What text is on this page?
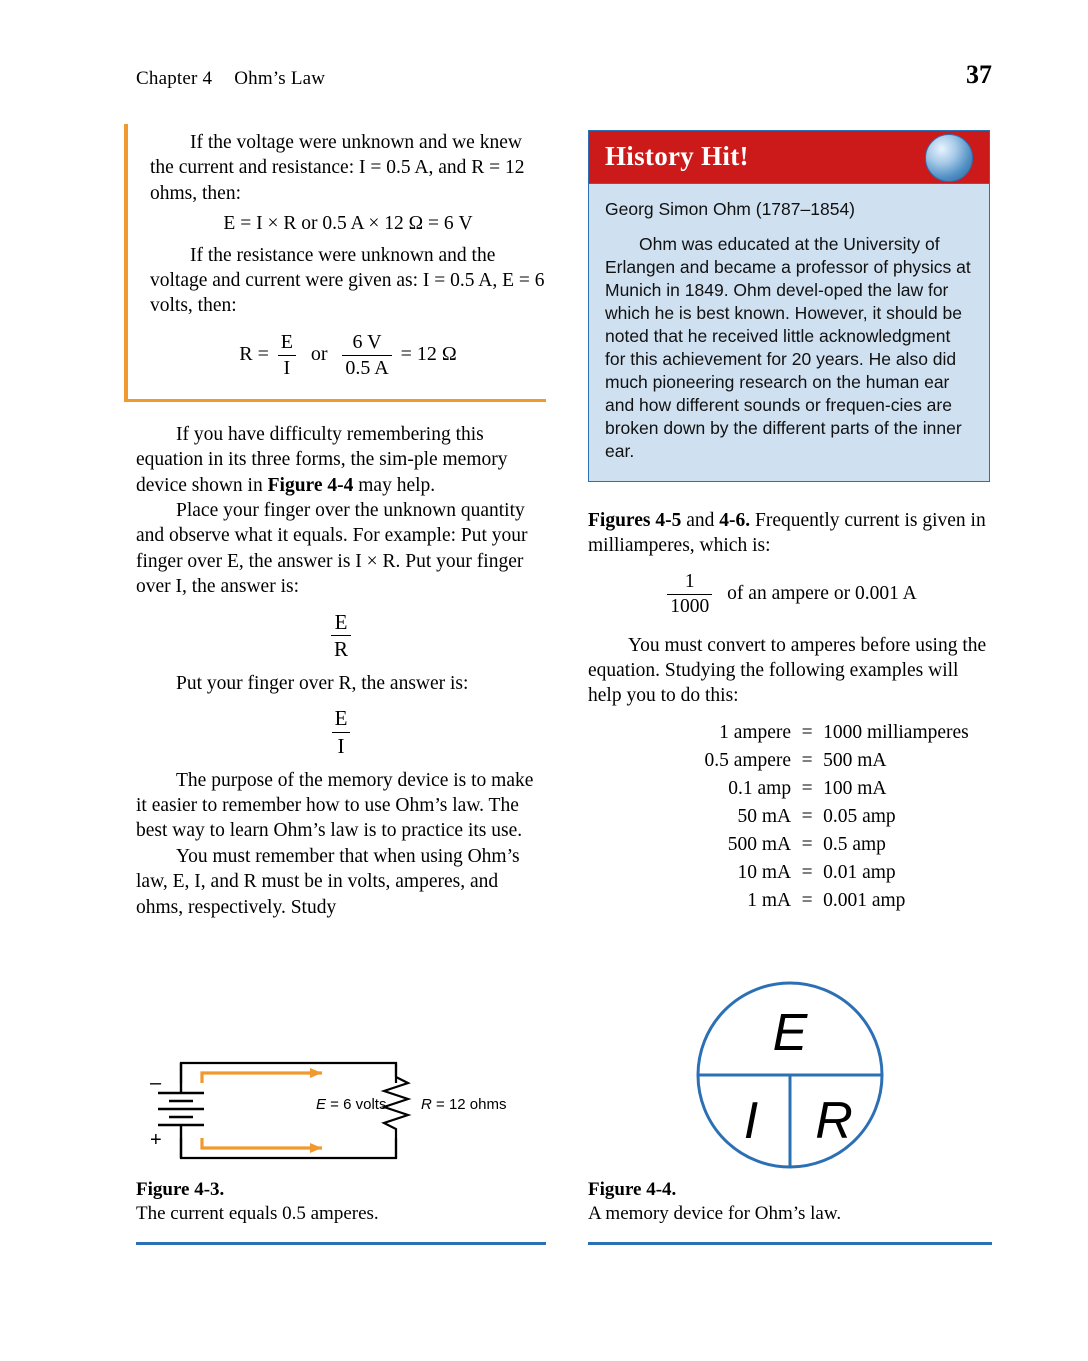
Chapter 4 Ohm’s Law	37

If the voltage were unknown and we knew the current and resistance: I = 0.5 A, and R = 12 ohms, then:

E = I × R or 0.5 A × 12 Ω = 6 V

If the resistance were unknown and the voltage and current were given as: I = 0.5 A, E = 6 volts, then:

$R = \frac{E}{I}$ or $\frac{6 V}{0.5 A} = 12$ Ω

If you have difficulty remembering this equation in its three forms, the sim-ple memory device shown in Figure 4-4 may help.

Place your finger over the unknown quantity and observe what it equals. For example: Put your finger over E, the answer is I × R. Put your finger over I, the answer is:

$\frac{E}{R}$

Put your finger over R, the answer is:

$\frac{E}{I}$

The purpose of the memory device is to make it easier to remember how to use Ohm’s law. The best way to learn Ohm’s law is to practice its use.

You must remember that when using Ohm’s law, E, I, and R must be in volts, amperes, and ohms, respectively. Study

History Hit!

Georg Simon Ohm (1787–1854)

Ohm was educated at the University of Erlangen and became a professor of physics at Munich in 1849. Ohm devel-oped the law for which he is best known. However, it should be noted that he received little acknowledgment for this achievement for 20 years. He also did much pioneering research on the human ear and how different sounds or frequen-cies are broken down by the different parts of the inner ear.

Figures 4-5 and 4-6. Frequently current is given in milliamperes, which is:

$\frac{1}{1000}$ of an ampere or 0.001 A

You must convert to amperes before using the equation. Studying the following examples will help you to do this:

1 ampere	=	1000 milliamperes
0.5 ampere	=	500 mA
0.1 amp	=	100 mA
50 mA	=	0.05 amp
500 mA	=	0.5 amp
10 mA	=	0.01 amp
1 mA	=	0.001 amp
–
+
E = 6 volts R = 12 ohms
E
I R
Figure 4-3.
The current equals 0.5 amperes.
Figure 4-4.
A memory device for Ohm’s law.
